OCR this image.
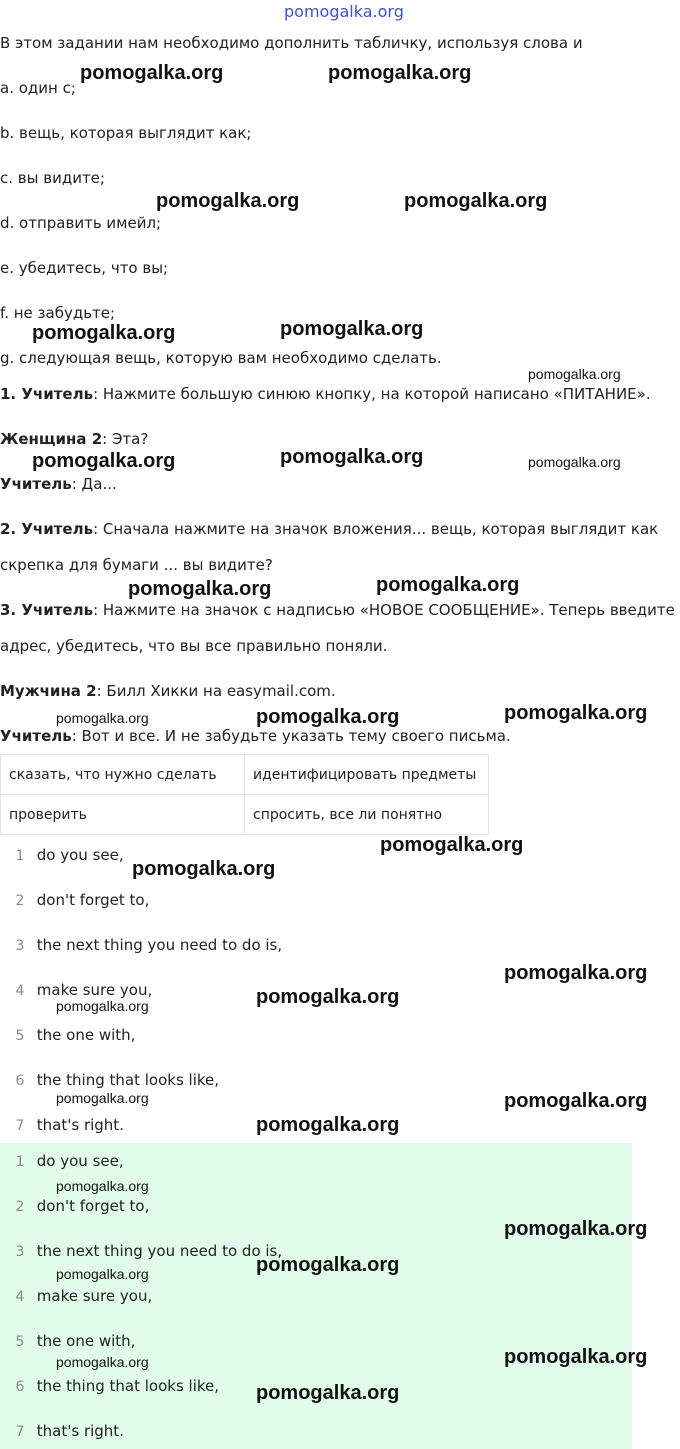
pomogalka.org
В этом задании нам необходимо дополнить табличку, используя слова и
a. один с;
b. вещь, которая выглядит как;
c. вы видите;
d. отправить имейл;
e. убедитесь, что вы;
f. не забудьте;
g. следующая вещь, которую вам необходимо сделать.
1. Учитель: Нажмите большую синюю кнопку, на которой написано «ПИТАНИЕ».
Женщина 2: Эта?
Учитель: Да...
2. Учитель: Сначала нажмите на значок вложения... вещь, которая выглядит как
скрепка для бумаги ... вы видите?
3. Учитель: Нажмите на значок с надписью «НОВОЕ СООБЩЕНИЕ». Теперь введите
адрес, убедитесь, что вы все правильно поняли.
Мужчина 2: Билл Хикки на easymail.com.
Учитель: Вот и все. И не забудьте указать тему своего письма.
сказать, что нужно сделать	идентифицировать предметы
проверить	спросить, все ли понятно
1 do you see,
2 don't forget to,
3 the next thing you need to do is,
4 make sure you,
5 the one with,
6 the thing that looks like,
7 that's right.
1 do you see,
2 don't forget to,
3 the next thing you need to do is,
4 make sure you,
5 the one with,
6 the thing that looks like,
7 that's right.
pomogalka.org	pomogalka.org
pomogalka.org	pomogalka.org
pomogalka.org	pomogalka.org
pomogalka.org
pomogalka.org	pomogalka.org	pomogalka.org
pomogalka.org	pomogalka.org
pomogalka.org	pomogalka.org	pomogalka.org
pomogalka.org
pomogalka.org
pomogalka.org
pomogalka.org
pomogalka.org
pomogalka.org	pomogalka.org
pomogalka.org
pomogalka.org
pomogalka.org
pomogalka.org
pomogalka.org
pomogalka.org
pomogalka.org
pomogalka.org
